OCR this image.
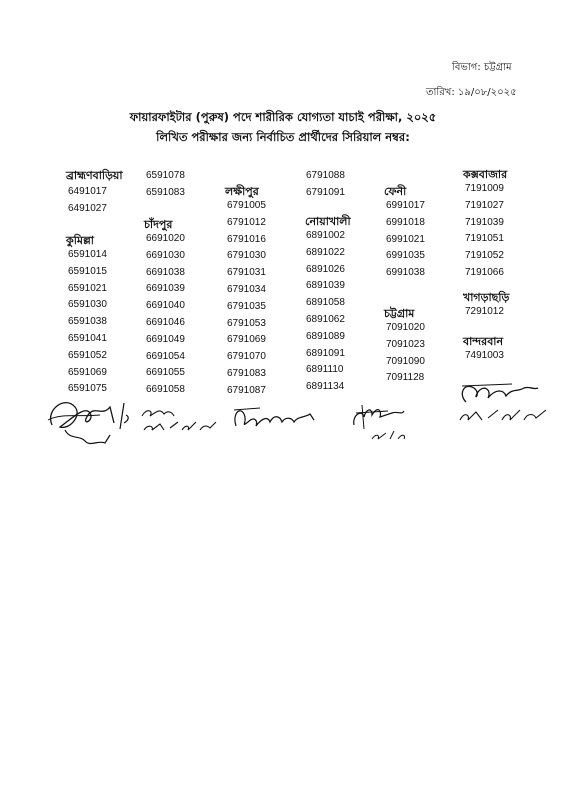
বিভাগ: চট্টগ্রাম
তারিখ: ১৯/০৮/২০২৫
ফায়ারফাইটার (পুরুষ) পদে শারীরিক যোগ্যতা যাচাই পরীক্ষা, ২০২৫
লিখিত পরীক্ষার জন্য নির্বাচিত প্রার্থীদের সিরিয়াল নম্বর:
ব্রাহ্মণবাড়িয়া
6491017
6491027
কুমিল্লা
6591014
6591015
6591021
6591030
6591038
6591041
6591052
6591069
6591075
6591078
6591083
চাঁদপুর
6691020
6691030
6691038
6691039
6691040
6691046
6691049
6691054
6691055
6691058
লক্ষীপুর
6791005
6791012
6791016
6791030
6791031
6791034
6791035
6791053
6791069
6791070
6791083
6791087
6791088
6791091
নোয়াখালী
6891002
6891022
6891026
6891039
6891058
6891062
6891089
6891091
6891110
6891134
ফেনী
6991017
6991018
6991021
6991035
6991038
চট্টগ্রাম
7091020
7091023
7091090
7091128
কক্সবাজার
7191009
7191027
7191039
7191051
7191052
7191066
খাগড়াছড়ি
7291012
বান্দরবান
7491003
